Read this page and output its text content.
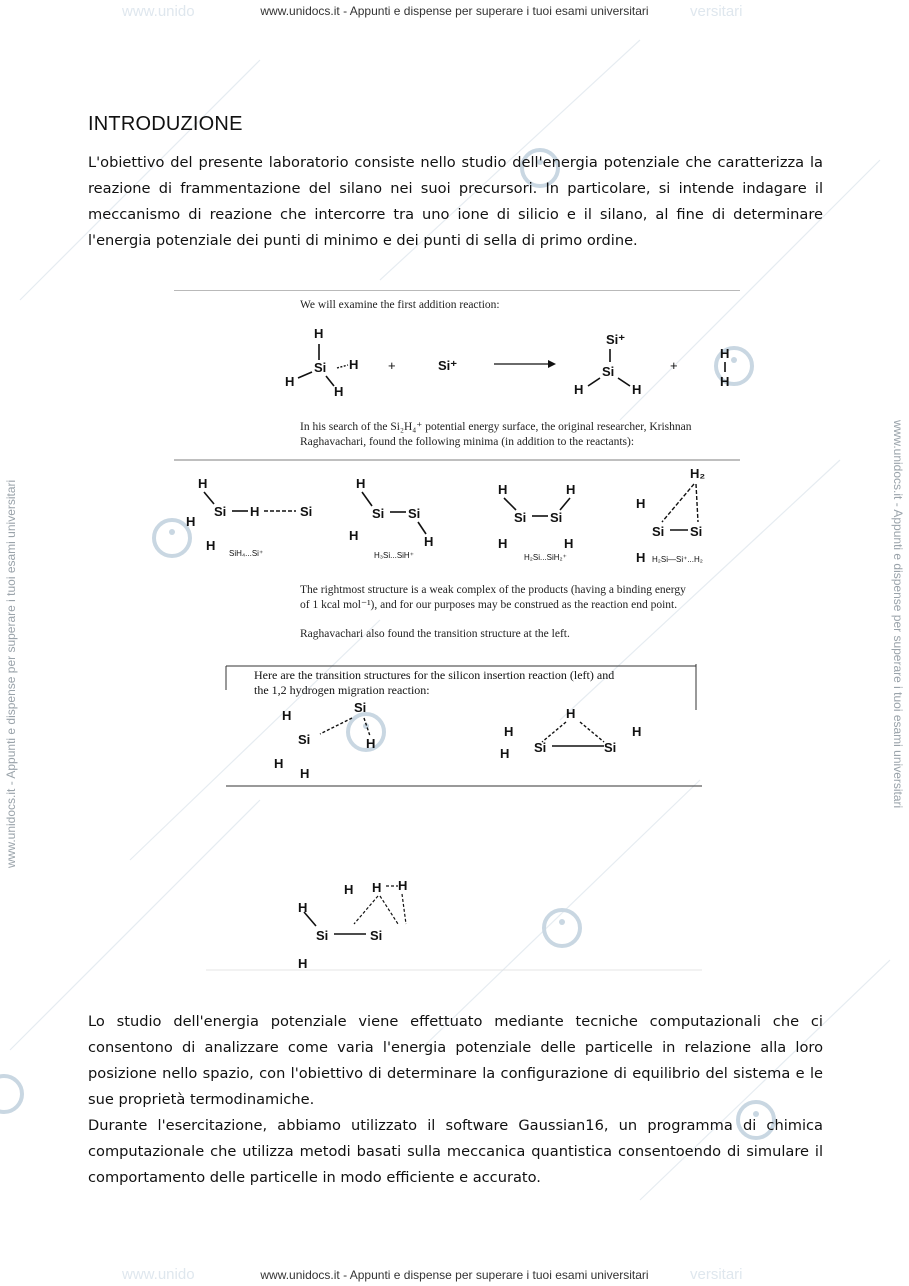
www.unido	versitari
www.unidocs.it - Appunti e dispense per superare i tuoi esami universitari
www.unido	versitari
www.unidocs.it - Appunti e dispense per superare i tuoi esami universitari
www.unidocs.it - Appunti e dispense per superare i tuoi esami universitari	www.unidocs.it - Appunti e dispense per superare i tuoi esami universitari
INTRODUZIONE
L'obiettivo del presente laboratorio consiste nello studio dell'energia potenziale che caratterizza la reazione di frammentazione del silano nei suoi precursori. In particolare, si intende indagare il meccanismo di reazione che intercorre tra uno ione di silicio e il silano, al fine di determinare l'energia potenziale dei punti di minimo e dei punti di sella di primo ordine.
H
Si H
H
H
+	Si⁺
Si⁺
Si
H	H
+
H
H
H
Si H	Si
H
H
SiH₄...Si⁺
H
Si Si
H
H
H₃Si...SiH⁺
H	H
Si Si
H	H
H₂Si...SiH₂⁺
H₂
H
Si Si
H H₂Si—Si⁺...H₂
H
Si
Si	H
H
H
H
H
H Si	Si
H
H H H
H
Si	Si
H
We will examine the first addition reaction:
In his search of the Si₂H₄⁺ potential energy surface, the original researcher, Krishnan
Raghavachari, found the following minima (in addition to the reactants):
The rightmost structure is a weak complex of the products (having a binding energy
of 1 kcal mol⁻¹), and for our purposes may be construed as the reaction end point.
Raghavachari also found the transition structure at the left.
Here are the transition structures for the silicon insertion reaction (left) and
the 1,2 hydrogen migration reaction:
Lo studio dell'energia potenziale viene effettuato mediante tecniche computazionali che ci consentono di analizzare come varia l'energia potenziale delle particelle in relazione alla loro posizione nello spazio, con l'obiettivo di determinare la configurazione di equilibrio del sistema e le sue proprietà termodinamiche.
Durante l'esercitazione, abbiamo utilizzato il software Gaussian16, un programma di chimica computazionale che utilizza metodi basati sulla meccanica quantistica consentoendo di simulare il comportamento delle particelle in modo efficiente e accurato.
